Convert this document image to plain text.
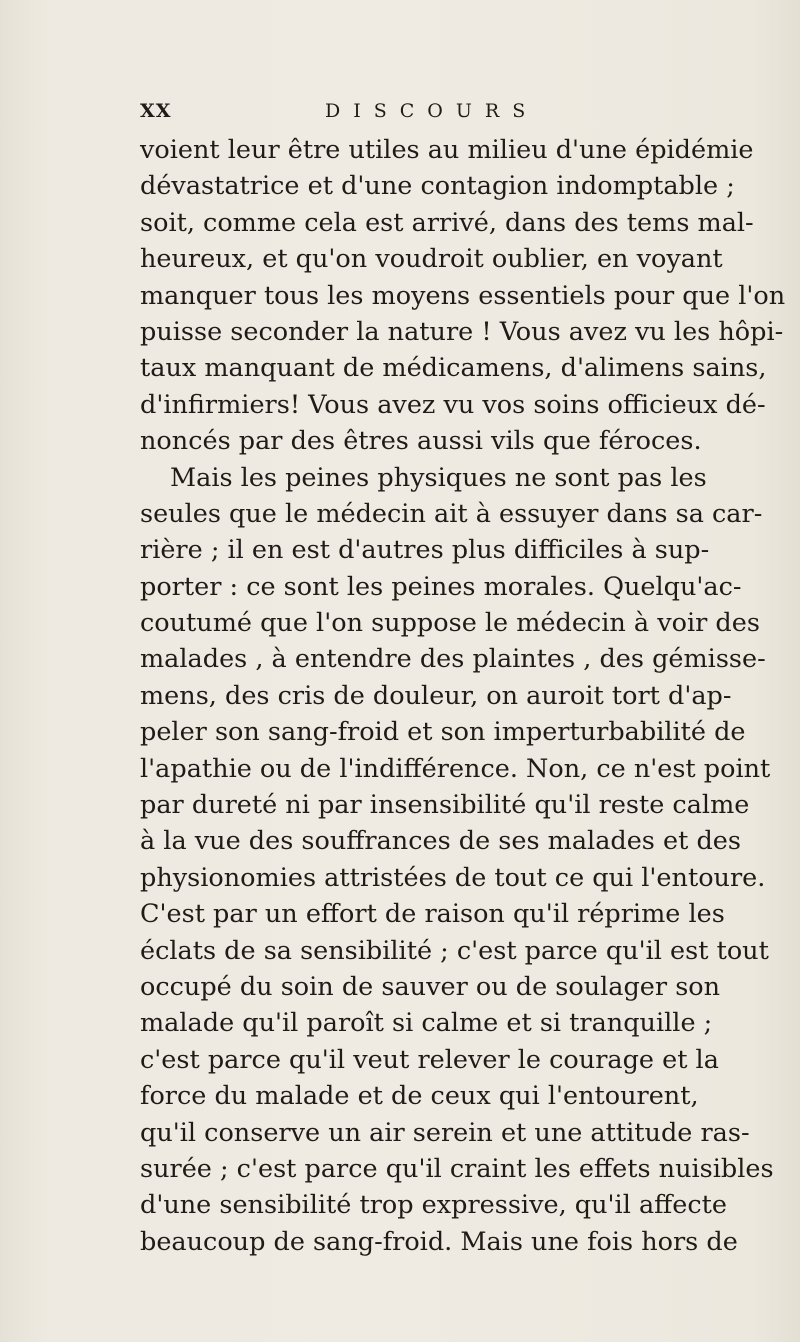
XX	DISCOURS
voient leur être utiles au milieu d'une épidémie
dévastatrice et d'une contagion indomptable ;
soit, comme cela est arrivé, dans des tems mal-
heureux, et qu'on voudroit oublier, en voyant
manquer tous les moyens essentiels pour que l'on
puisse seconder la nature ! Vous avez vu les hôpi-
taux manquant de médicamens, d'alimens sains,
d'infirmiers! Vous avez vu vos soins officieux dé-
noncés par des êtres aussi vils que féroces.
Mais les peines physiques ne sont pas les
seules que le médecin ait à essuyer dans sa car-
rière ; il en est d'autres plus difficiles à sup-
porter : ce sont les peines morales. Quelqu'ac-
coutumé que l'on suppose le médecin à voir des
malades , à entendre des plaintes , des gémisse-
mens, des cris de douleur, on auroit tort d'ap-
peler son sang-froid et son imperturbabilité de
l'apathie ou de l'indifférence. Non, ce n'est point
par dureté ni par insensibilité qu'il reste calme
à la vue des souffrances de ses malades et des
physionomies attristées de tout ce qui l'entoure.
C'est par un effort de raison qu'il réprime les
éclats de sa sensibilité ; c'est parce qu'il est tout
occupé du soin de sauver ou de soulager son
malade qu'il paroît si calme et si tranquille ;
c'est parce qu'il veut relever le courage et la
force du malade et de ceux qui l'entourent,
qu'il conserve un air serein et une attitude ras-
surée ; c'est parce qu'il craint les effets nuisibles
d'une sensibilité trop expressive, qu'il affecte
beaucoup de sang-froid. Mais une fois hors de
